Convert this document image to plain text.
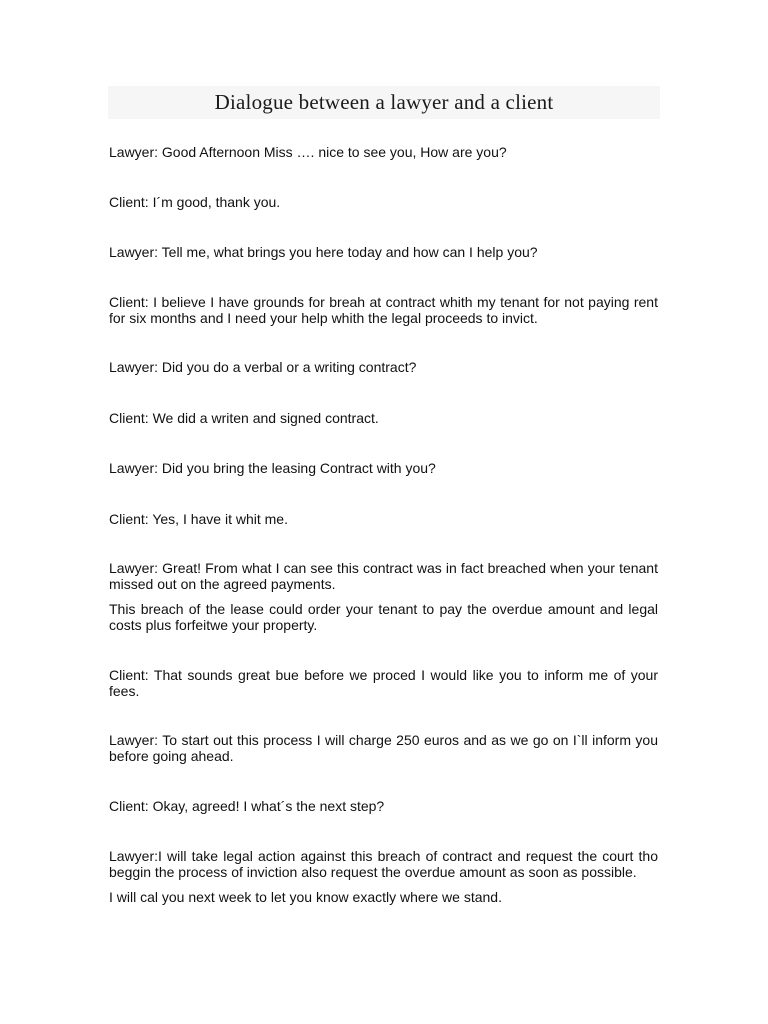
Dialogue between a lawyer and a client

Lawyer: Good Afternoon Miss …. nice to see you, How are you?

Client: I´m good, thank you.

Lawyer: Tell me, what brings you here today and how can I help you?

Client: I believe I have grounds for breah at contract whith my tenant for not paying rent for six months and I need your help whith the legal proceeds to invict.

Lawyer: Did you do a verbal or a writing contract?

Client: We did a writen and signed contract.

Lawyer: Did you bring the leasing Contract with you?

Client: Yes, I have it whit me.

Lawyer: Great! From what I can see this contract was in fact breached when your tenant missed out on the agreed payments.

This breach of the lease could order your tenant to pay the overdue amount and legal costs plus forfeitwe your property.

Client: That sounds great bue before we proced I would like you to inform me of your fees.

Lawyer: To start out this process I will charge 250 euros and as we go on I`ll inform you before going ahead.

Client: Okay, agreed! I what´s the next step?

Lawyer:I will take legal action against this breach of contract and request the court tho beggin the process of inviction also request the overdue amount as soon as possible.

I will cal you next week to let you know exactly where we stand.
